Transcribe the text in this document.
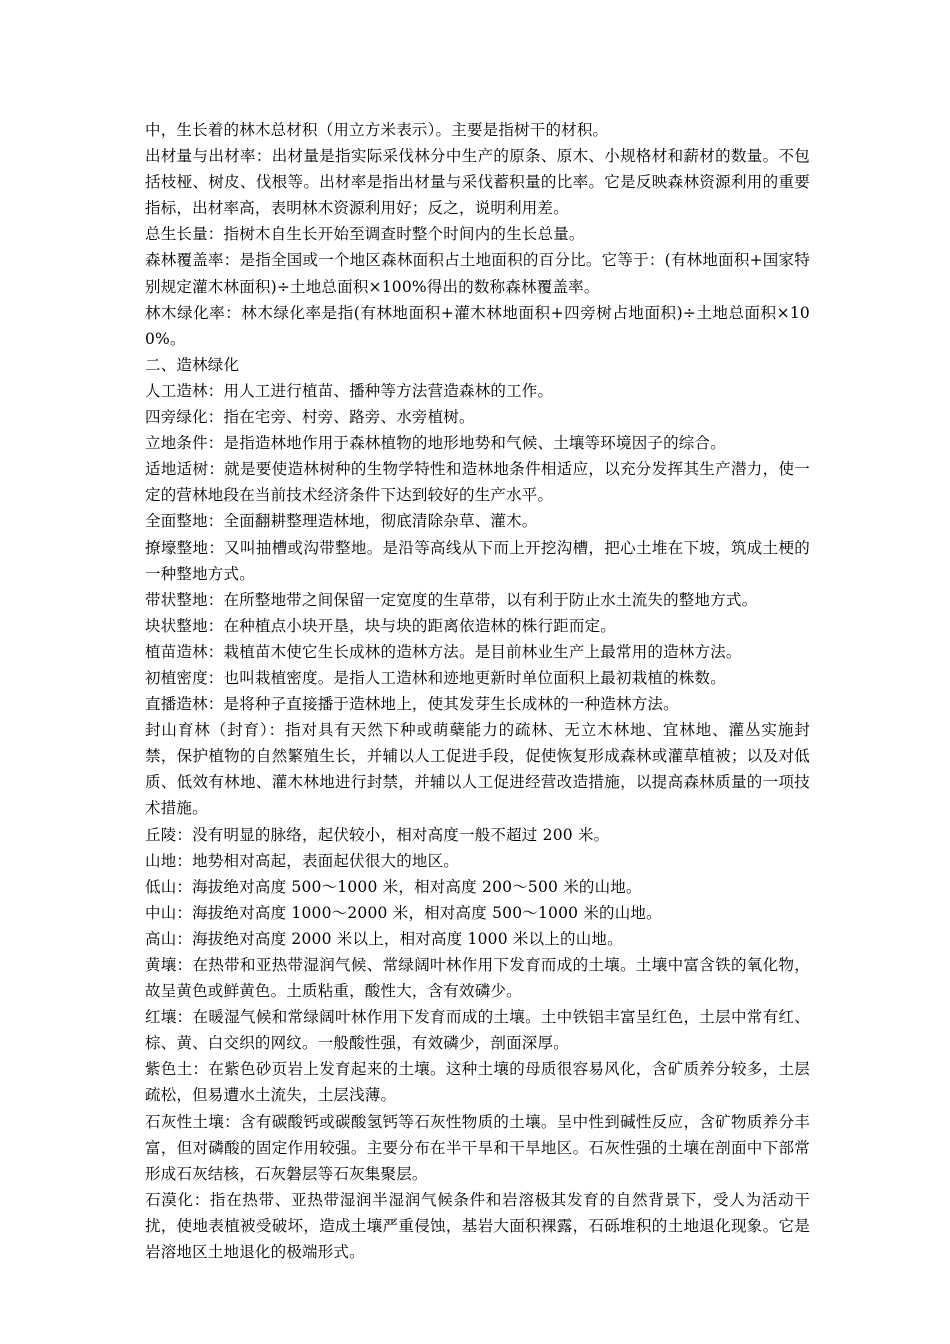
中，生长着的林木总材积（用立方米表示）。主要是指树干的材积。

出材量与出材率：出材量是指实际采伐林分中生产的原条、原木、小规格材和薪材的数量。不包括枝桠、树皮、伐根等。出材率是指出材量与采伐蓄积量的比率。它是反映森林资源利用的重要指标，出材率高，表明林木资源利用好；反之，说明利用差。

总生长量：指树木自生长开始至调查时整个时间内的生长总量。

森林覆盖率：是指全国或一个地区森林面积占土地面积的百分比。它等于：(有林地面积+国家特别规定灌木林面积)÷土地总面积×100%得出的数称森林覆盖率。

林木绿化率：林木绿化率是指(有林地面积+灌木林地面积+四旁树占地面积)÷土地总面积×100%。

二、造林绿化

人工造林：用人工进行植苗、播种等方法营造森林的工作。

四旁绿化：指在宅旁、村旁、路旁、水旁植树。

立地条件：是指造林地作用于森林植物的地形地势和气候、土壤等环境因子的综合。

适地适树：就是要使造林树种的生物学特性和造林地条件相适应，以充分发挥其生产潜力，使一定的营林地段在当前技术经济条件下达到较好的生产水平。

全面整地：全面翻耕整理造林地，彻底清除杂草、灌木。

撩壕整地：又叫抽槽或沟带整地。是沿等高线从下而上开挖沟槽，把心土堆在下坡，筑成土梗的一种整地方式。

带状整地：在所整地带之间保留一定宽度的生草带，以有利于防止水土流失的整地方式。

块状整地：在种植点小块开垦，块与块的距离依造林的株行距而定。

植苗造林：栽植苗木使它生长成林的造林方法。是目前林业生产上最常用的造林方法。

初植密度：也叫栽植密度。是指人工造林和迹地更新时单位面积上最初栽植的株数。

直播造林：是将种子直接播于造林地上，使其发芽生长成林的一种造林方法。

封山育林（封育）：指对具有天然下种或萌蘖能力的疏林、无立木林地、宜林地、灌丛实施封禁，保护植物的自然繁殖生长，并辅以人工促进手段，促使恢复形成森林或灌草植被；以及对低质、低效有林地、灌木林地进行封禁，并辅以人工促进经营改造措施，以提高森林质量的一项技术措施。

丘陵：没有明显的脉络，起伏较小，相对高度一般不超过 200 米。

山地：地势相对高起，表面起伏很大的地区。

低山：海拔绝对高度 500～1000 米，相对高度 200～500 米的山地。

中山：海拔绝对高度 1000～2000 米，相对高度 500～1000 米的山地。

高山：海拔绝对高度 2000 米以上，相对高度 1000 米以上的山地。

黄壤：在热带和亚热带湿润气候、常绿阔叶林作用下发育而成的土壤。土壤中富含铁的氧化物，故呈黄色或鲜黄色。土质粘重，酸性大，含有效磷少。

红壤：在暖湿气候和常绿阔叶林作用下发育而成的土壤。土中铁铝丰富呈红色，土层中常有红、棕、黄、白交织的网纹。一般酸性强，有效磷少，剖面深厚。

紫色土：在紫色砂页岩上发育起来的土壤。这种土壤的母质很容易风化，含矿质养分较多，土层疏松，但易遭水土流失，土层浅薄。

石灰性土壤：含有碳酸钙或碳酸氢钙等石灰性物质的土壤。呈中性到碱性反应，含矿物质养分丰富，但对磷酸的固定作用较强。主要分布在半干旱和干旱地区。石灰性强的土壤在剖面中下部常形成石灰结核，石灰磐层等石灰集聚层。

石漠化：指在热带、亚热带湿润半湿润气候条件和岩溶极其发育的自然背景下，受人为活动干扰，使地表植被受破坏，造成土壤严重侵蚀，基岩大面积裸露，石砾堆积的土地退化现象。它是岩溶地区土地退化的极端形式。
